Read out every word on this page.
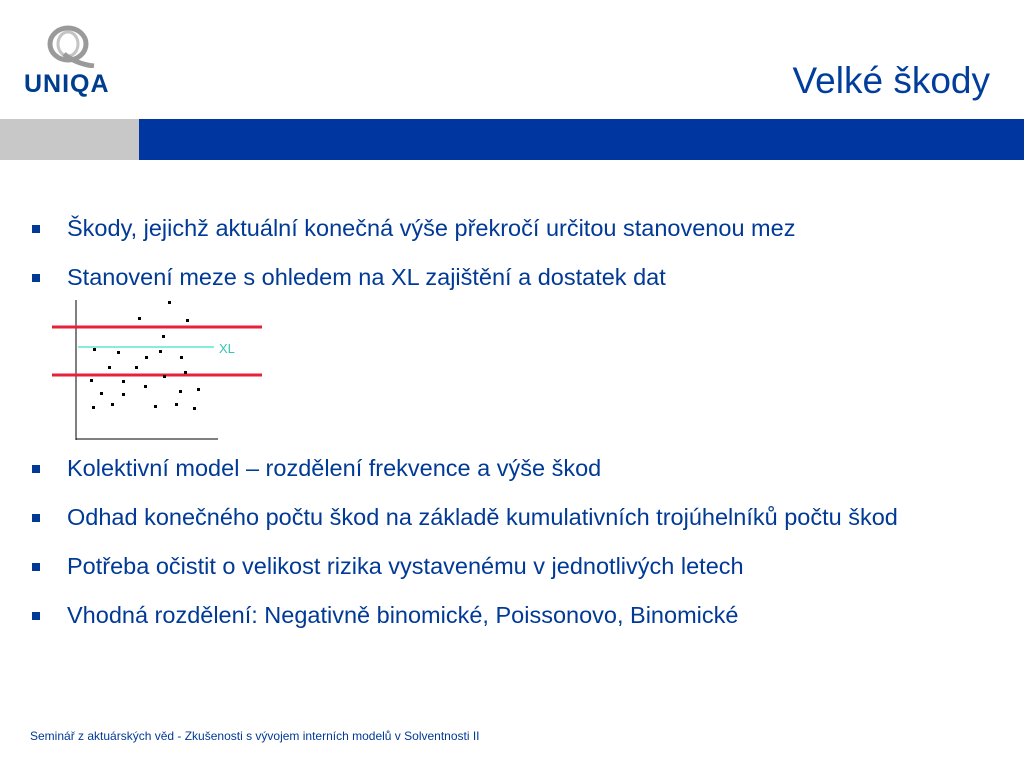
UNIQA	Velké škody
Škody, jejichž aktuální konečná výše překročí určitou stanovenou mez
Stanovení meze s ohledem na XL zajištění a dostatek dat
XL
Kolektivní model – rozdělení frekvence a výše škod
Odhad konečného počtu škod na základě kumulativních trojúhelníků počtu škod
Potřeba očistit o velikost rizika vystavenému v jednotlivých letech
Vhodná rozdělení: Negativně binomické, Poissonovo, Binomické
Seminář z aktuárských věd - Zkušenosti s vývojem interních modelů v Solventnosti II
